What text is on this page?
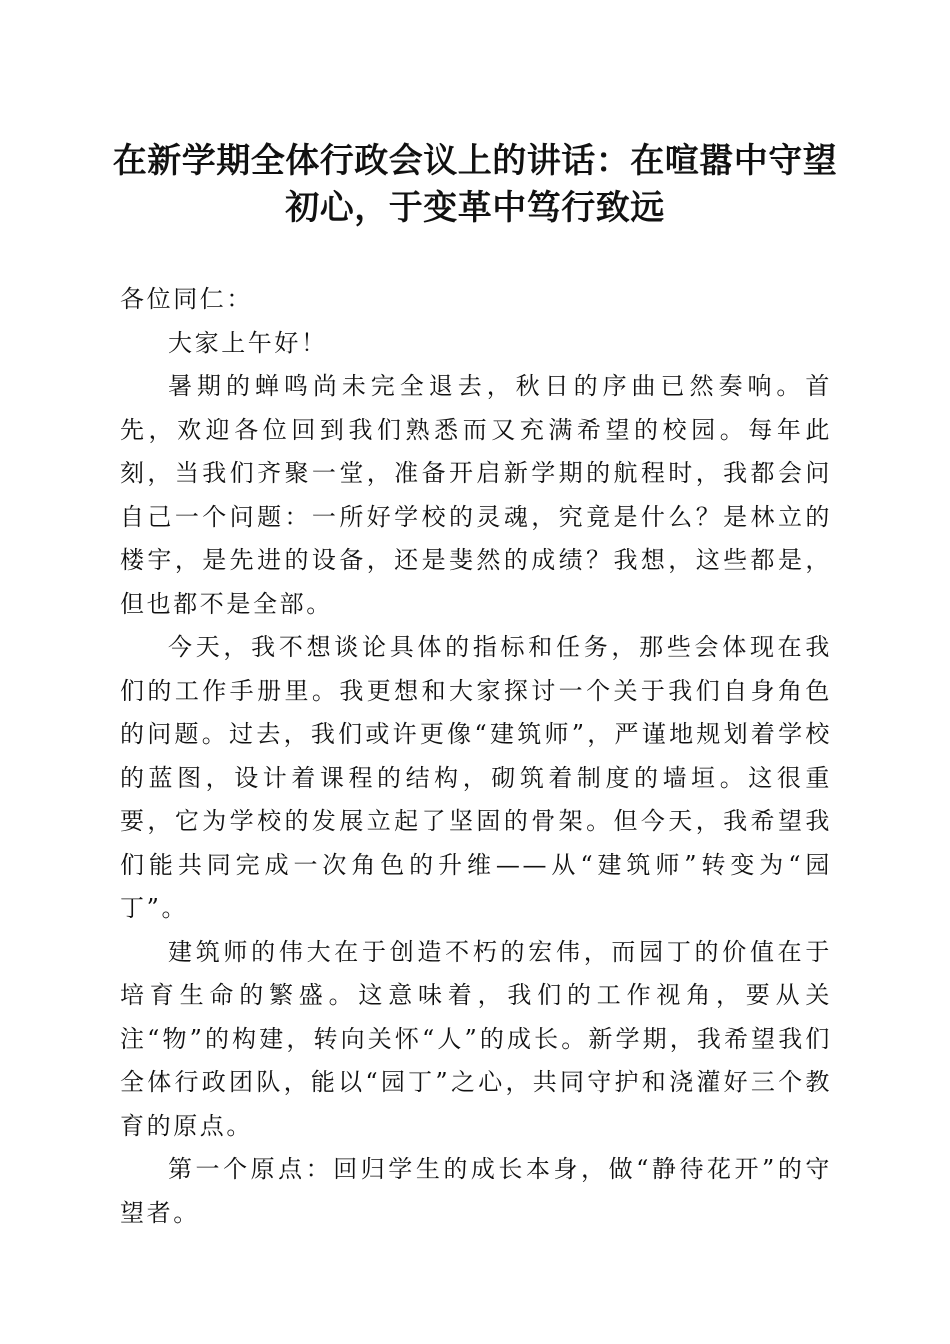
在新学期全体行政会议上的讲话：在喧嚣中守望初心，于变革中笃行致远

各位同仁：

大家上午好！

暑期的蝉鸣尚未完全退去，秋日的序曲已然奏响。首先，欢迎各位回到我们熟悉而又充满希望的校园。每年此刻，当我们齐聚一堂，准备开启新学期的航程时，我都会问自己一个问题：一所好学校的灵魂，究竟是什么？是林立的楼宇，是先进的设备，还是斐然的成绩？我想，这些都是，但也都不是全部。

今天，我不想谈论具体的指标和任务，那些会体现在我们的工作手册里。我更想和大家探讨一个关于我们自身角色的问题。过去，我们或许更像“建筑师”，严谨地规划着学校的蓝图，设计着课程的结构，砌筑着制度的墙垣。这很重要，它为学校的发展立起了坚固的骨架。但今天，我希望我们能共同完成一次角色的升维——从“建筑师”转变为“园丁”。

建筑师的伟大在于创造不朽的宏伟，而园丁的价值在于培育生命的繁盛。这意味着，我们的工作视角，要从关注“物”的构建，转向关怀“人”的成长。新学期，我希望我们全体行政团队，能以“园丁”之心，共同守护和浇灌好三个教育的原点。

第一个原点：回归学生的成长本身，做“静待花开”的守望者。
